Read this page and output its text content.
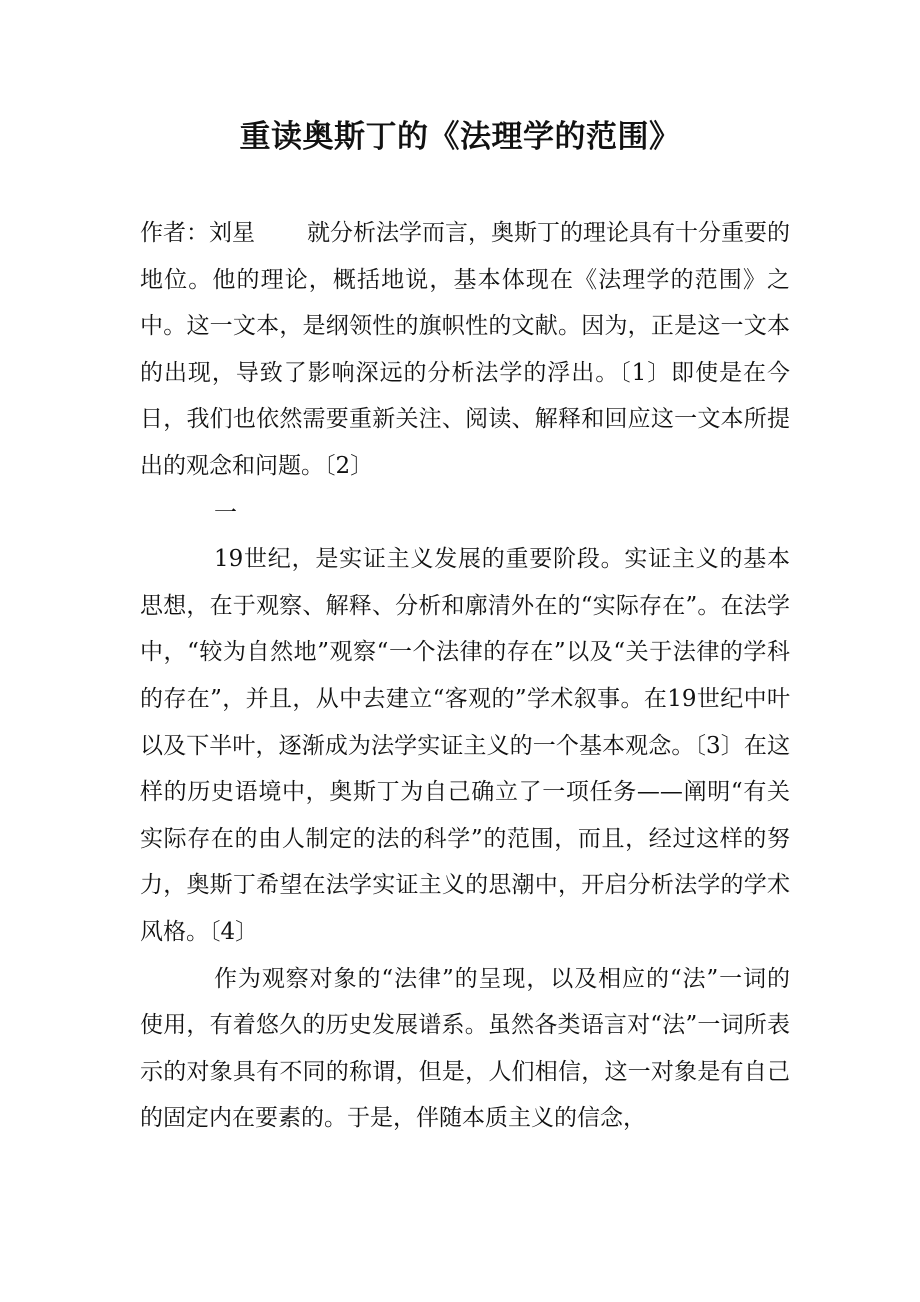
重读奥斯丁的《法理学的范围》

作者：刘星 就分析法学而言，奥斯丁的理论具有十分重要的地位。他的理论，概括地说，基本体现在《法理学的范围》之中。这一文本，是纲领性的旗帜性的文献。因为，正是这一文本的出现，导致了影响深远的分析法学的浮出。〔1〕即使是在今日，我们也依然需要重新关注、阅读、解释和回应这一文本所提出的观念和问题。〔2〕

一

19世纪，是实证主义发展的重要阶段。实证主义的基本思想，在于观察、解释、分析和廓清外在的“实际存在”。在法学中，“较为自然地”观察“一个法律的存在”以及“关于法律的学科的存在”，并且，从中去建立“客观的”学术叙事。在19世纪中叶以及下半叶，逐渐成为法学实证主义的一个基本观念。〔3〕在这样的历史语境中，奥斯丁为自己确立了一项任务——阐明“有关实际存在的由人制定的法的科学”的范围，而且，经过这样的努力，奥斯丁希望在法学实证主义的思潮中，开启分析法学的学术风格。〔4〕

作为观察对象的“法律”的呈现，以及相应的“法”一词的使用，有着悠久的历史发展谱系。虽然各类语言对“法”一词所表示的对象具有不同的称谓，但是，人们相信，这一对象是有自己的固定内在要素的。于是，伴随本质主义的信念，
